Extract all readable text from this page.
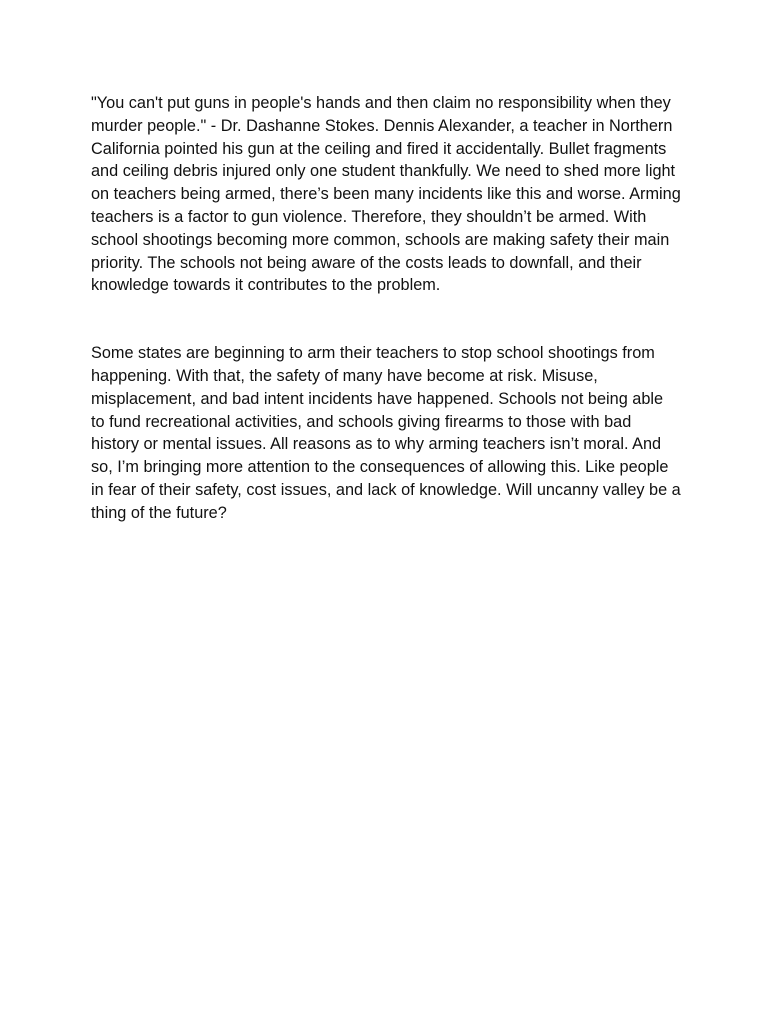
"You can't put guns in people's hands and then claim no responsibility when they murder people." - Dr. Dashanne Stokes. Dennis Alexander, a teacher in Northern California pointed his gun at the ceiling and fired it accidentally. Bullet fragments and ceiling debris injured only one student thankfully. We need to shed more light on teachers being armed, there’s been many incidents like this and worse. Arming teachers is a factor to gun violence. Therefore, they shouldn’t be armed. With school shootings becoming more common, schools are making safety their main priority. The schools not being aware of the costs leads to downfall, and their knowledge towards it contributes to the problem.

Some states are beginning to arm their teachers to stop school shootings from happening. With that, the safety of many have become at risk. Misuse, misplacement, and bad intent incidents have happened. Schools not being able to fund recreational activities, and schools giving firearms to those with bad history or mental issues. All reasons as to why arming teachers isn’t moral. And so, I’m bringing more attention to the consequences of allowing this. Like people in fear of their safety, cost issues, and lack of knowledge. Will uncanny valley be a thing of the future?
